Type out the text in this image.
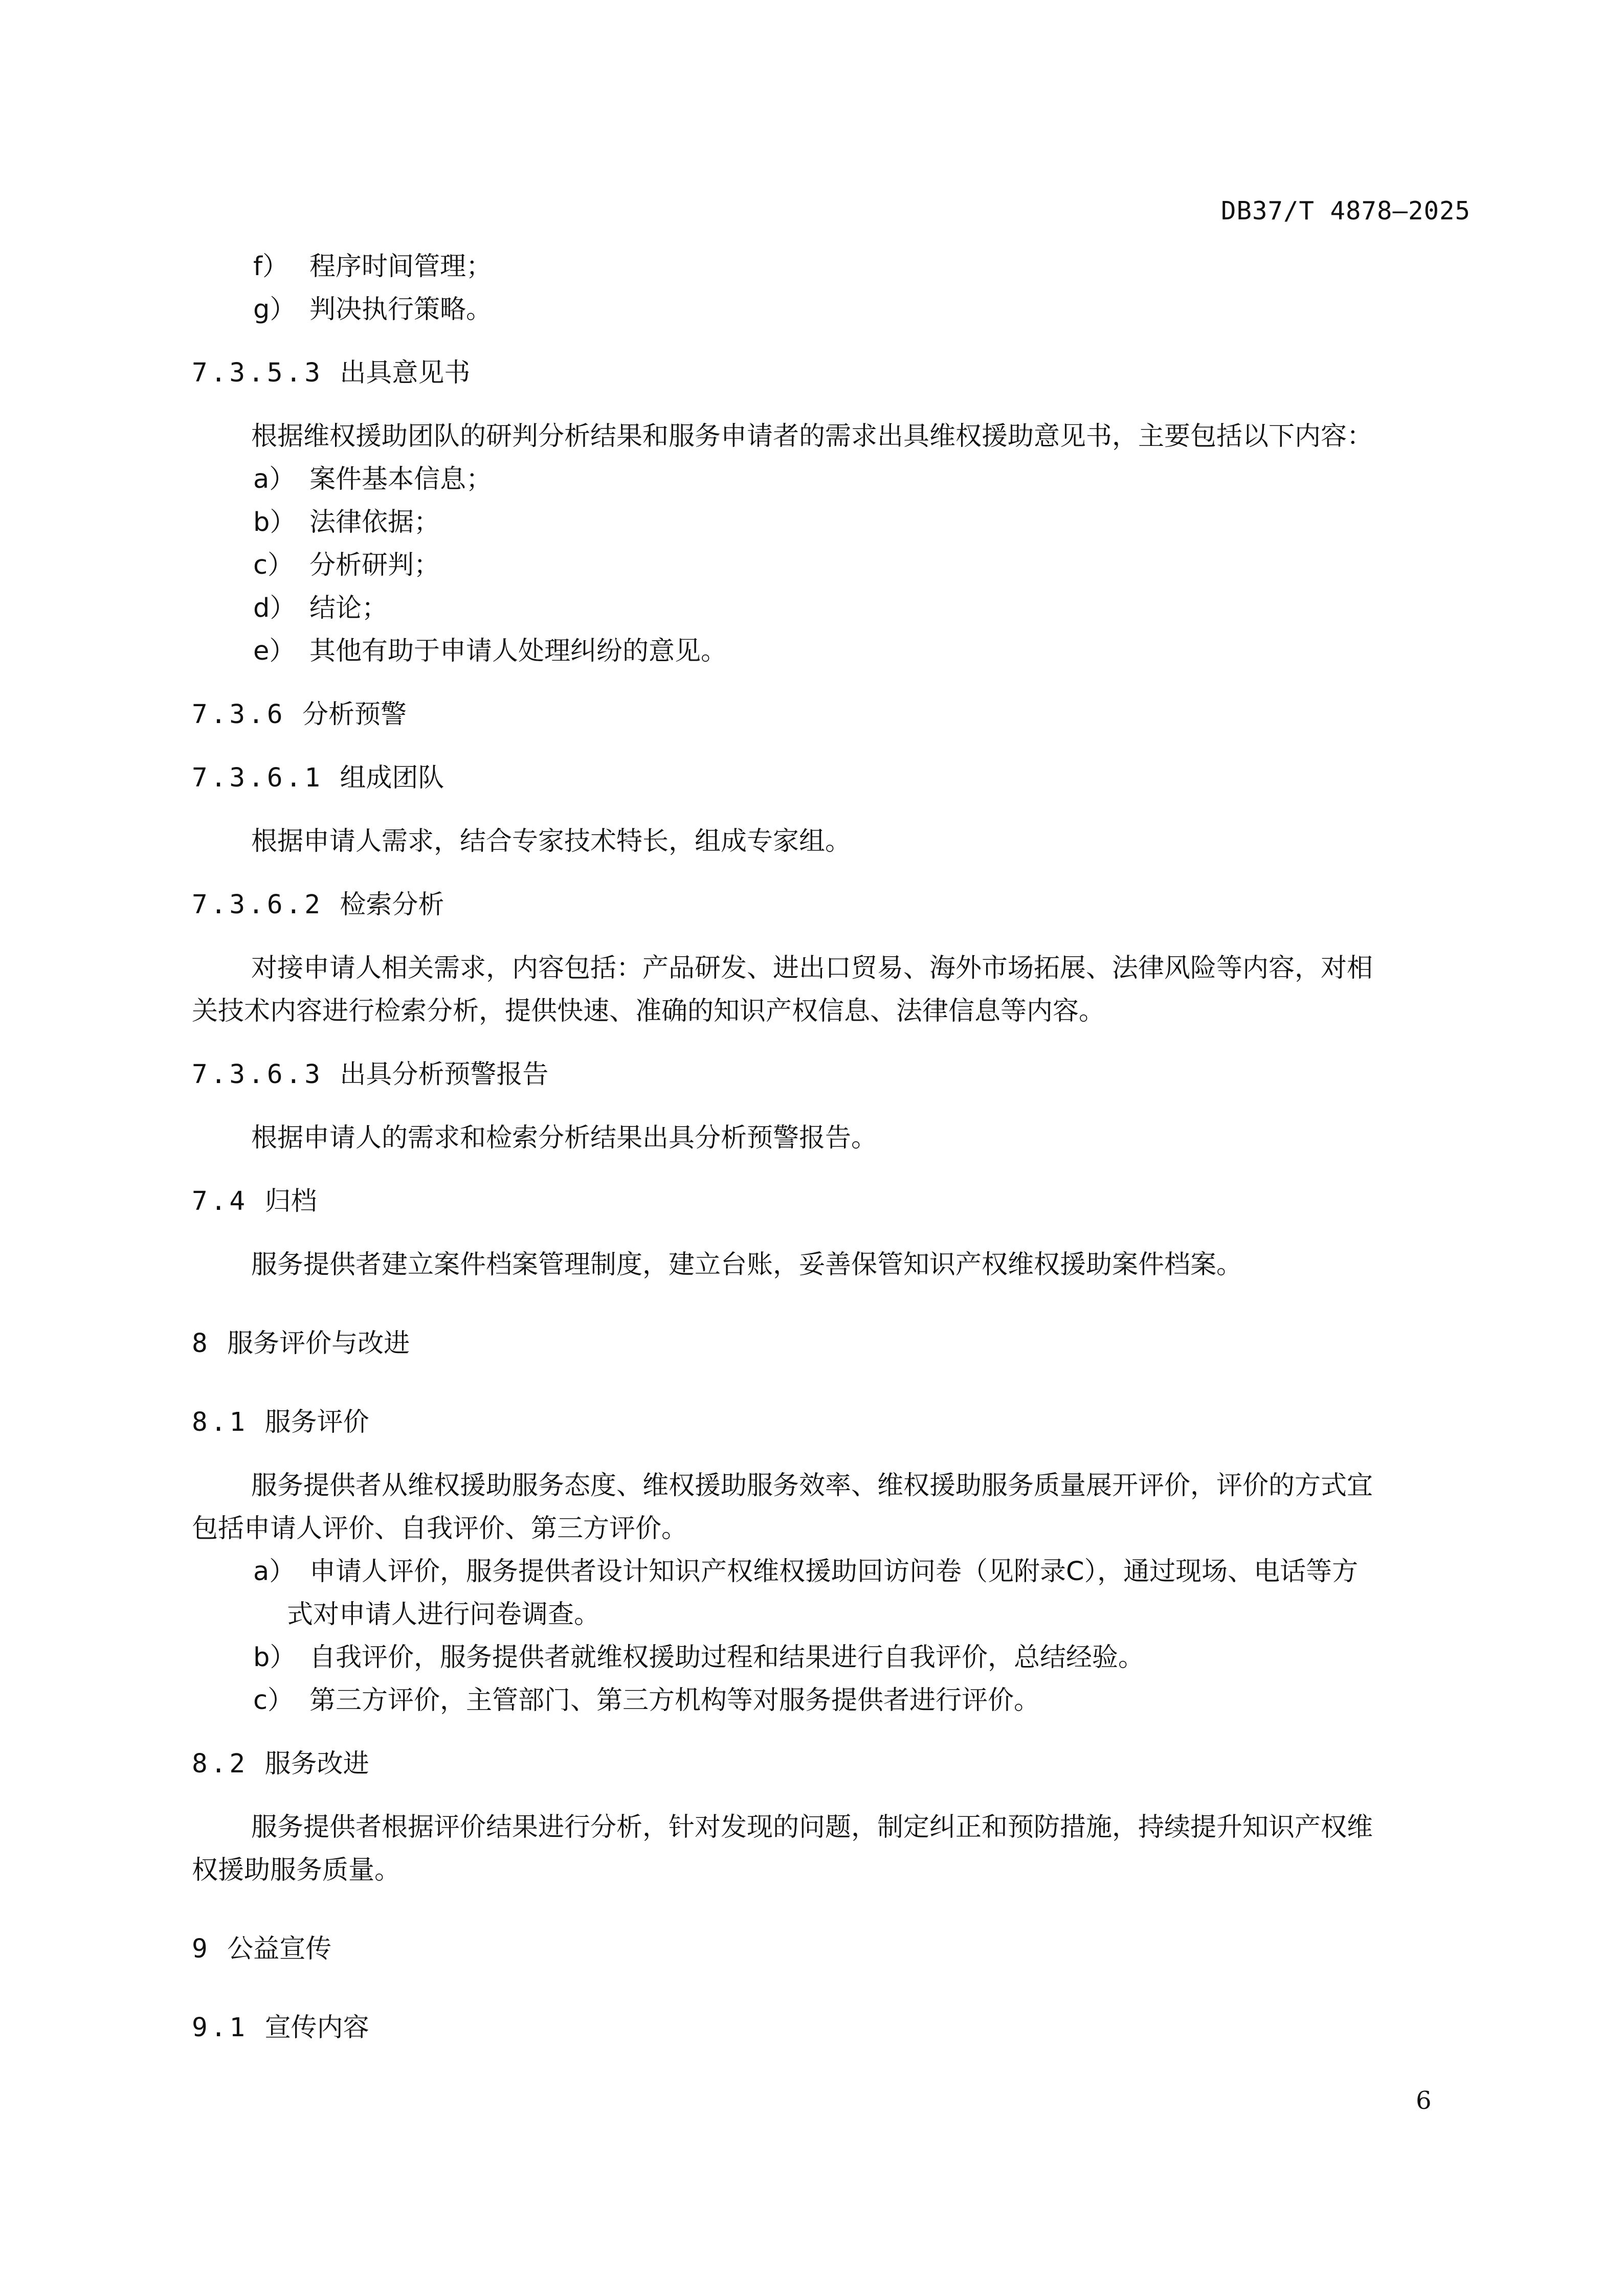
DB37/T 4878—2025
f） 程序时间管理；
g） 判决执行策略。
7.3.5.3 出具意见书
根据维权援助团队的研判分析结果和服务申请者的需求出具维权援助意见书，主要包括以下内容：
a） 案件基本信息；
b） 法律依据；
c） 分析研判；
d） 结论；
e） 其他有助于申请人处理纠纷的意见。
7.3.6 分析预警
7.3.6.1 组成团队
根据申请人需求，结合专家技术特长，组成专家组。
7.3.6.2 检索分析
对接申请人相关需求，内容包括：产品研发、进出口贸易、海外市场拓展、法律风险等内容，对相
关技术内容进行检索分析，提供快速、准确的知识产权信息、法律信息等内容。
7.3.6.3 出具分析预警报告
根据申请人的需求和检索分析结果出具分析预警报告。
7.4 归档
服务提供者建立案件档案管理制度，建立台账，妥善保管知识产权维权援助案件档案。
8 服务评价与改进
8.1 服务评价
服务提供者从维权援助服务态度、维权援助服务效率、维权援助服务质量展开评价，评价的方式宜
包括申请人评价、自我评价、第三方评价。
a） 申请人评价，服务提供者设计知识产权维权援助回访问卷（见附录C），通过现场、电话等方
式对申请人进行问卷调查。
b） 自我评价，服务提供者就维权援助过程和结果进行自我评价，总结经验。
c） 第三方评价，主管部门、第三方机构等对服务提供者进行评价。
8.2 服务改进
服务提供者根据评价结果进行分析，针对发现的问题，制定纠正和预防措施，持续提升知识产权维
权援助服务质量。
9 公益宣传
9.1 宣传内容
6
